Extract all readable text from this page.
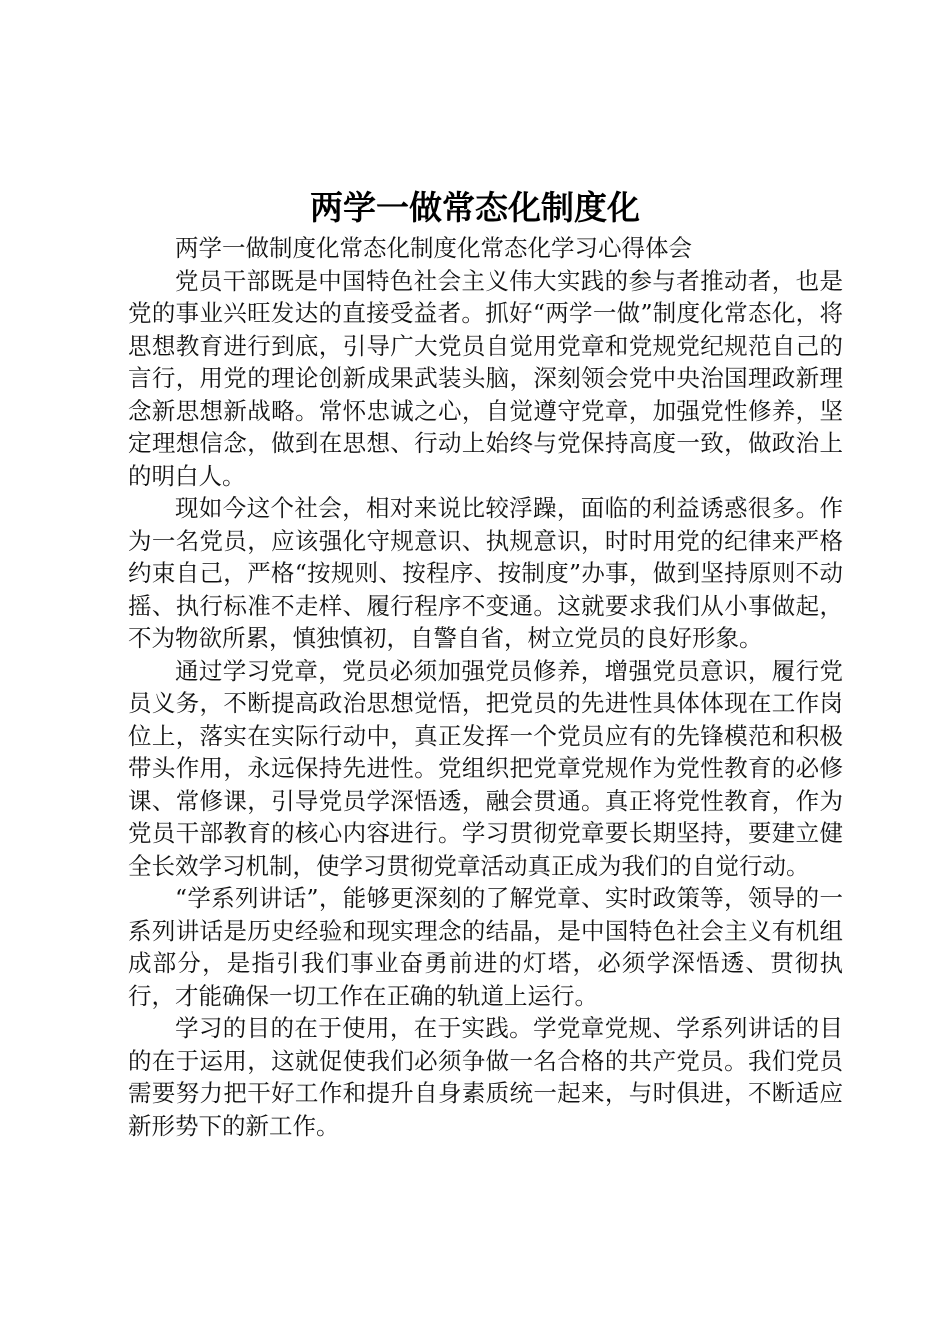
两学一做常态化制度化

两学一做制度化常态化制度化常态化学习心得体会

党员干部既是中国特色社会主义伟大实践的参与者推动者，也是党的事业兴旺发达的直接受益者。抓好“两学一做”制度化常态化，将思想教育进行到底，引导广大党员自觉用党章和党规党纪规范自己的言行，用党的理论创新成果武装头脑，深刻领会党中央治国理政新理念新思想新战略。常怀忠诚之心，自觉遵守党章，加强党性修养，坚定理想信念，做到在思想、行动上始终与党保持高度一致，做政治上的明白人。

现如今这个社会，相对来说比较浮躁，面临的利益诱惑很多。作为一名党员，应该强化守规意识、执规意识，时时用党的纪律来严格约束自己，严格“按规则、按程序、按制度”办事，做到坚持原则不动摇、执行标准不走样、履行程序不变通。这就要求我们从小事做起，不为物欲所累，慎独慎初，自警自省，树立党员的良好形象。

通过学习党章，党员必须加强党员修养，增强党员意识，履行党员义务，不断提高政治思想觉悟，把党员的先进性具体体现在工作岗位上，落实在实际行动中，真正发挥一个党员应有的先锋模范和积极带头作用，永远保持先进性。党组织把党章党规作为党性教育的必修课、常修课，引导党员学深悟透，融会贯通。真正将党性教育，作为党员干部教育的核心内容进行。学习贯彻党章要长期坚持，要建立健全长效学习机制，使学习贯彻党章活动真正成为我们的自觉行动。

“学系列讲话”，能够更深刻的了解党章、实时政策等，领导的一系列讲话是历史经验和现实理念的结晶，是中国特色社会主义有机组成部分，是指引我们事业奋勇前进的灯塔，必须学深悟透、贯彻执行，才能确保一切工作在正确的轨道上运行。

学习的目的在于使用，在于实践。学党章党规、学系列讲话的目的在于运用，这就促使我们必须争做一名合格的共产党员。我们党员需要努力把干好工作和提升自身素质统一起来，与时俱进，不断适应新形势下的新工作。
